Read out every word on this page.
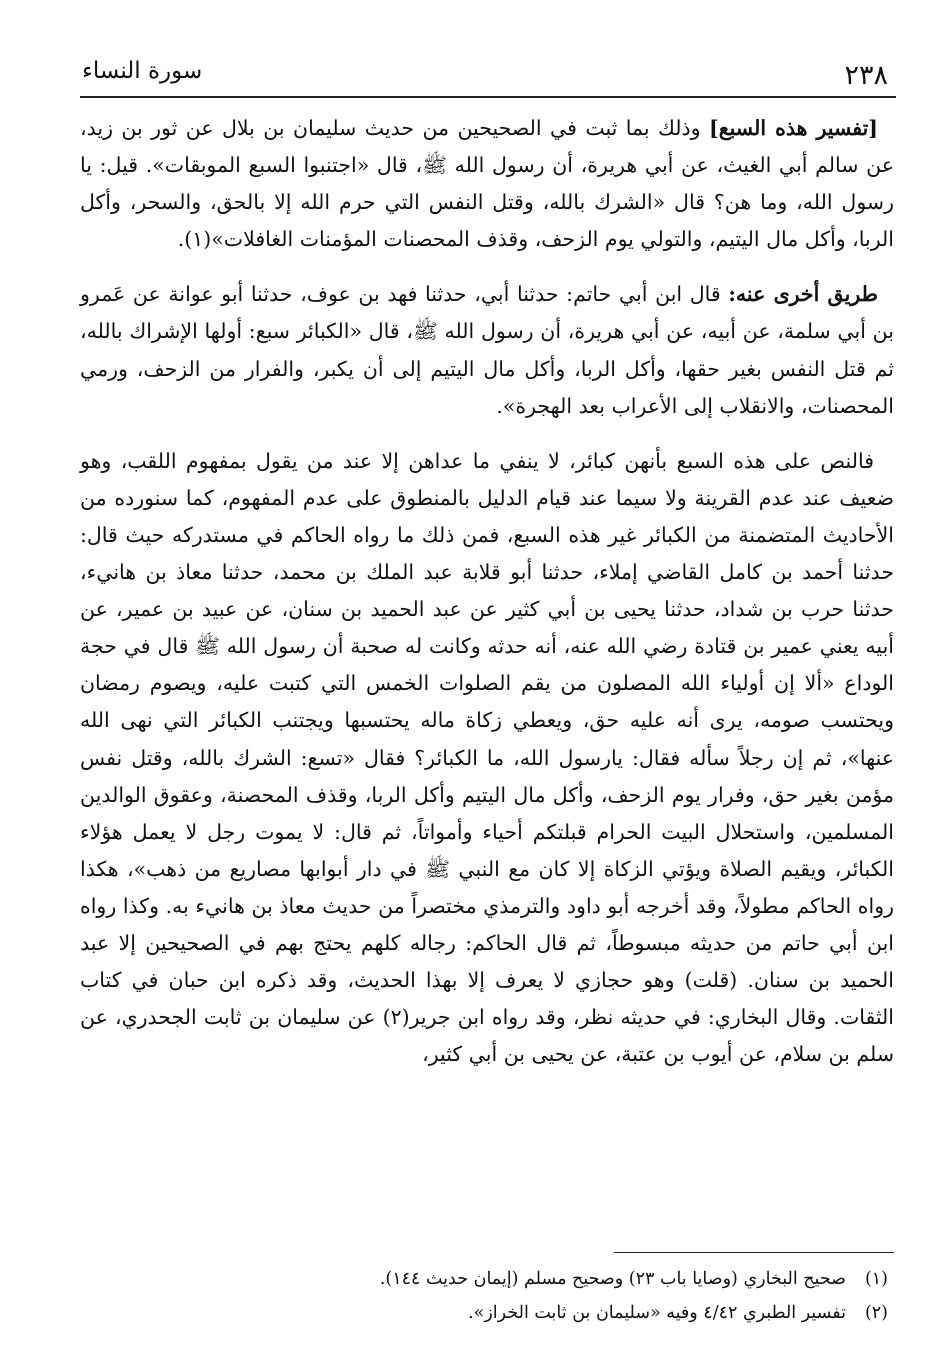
٢٣٨
سورة النساء

[تفسير هذه السبع] وذلك بما ثبت في الصحيحين من حديث سليمان بن بلال عن ثور بن زيد، عن سالم أبي الغيث، عن أبي هريرة، أن رسول الله ﷺ، قال «اجتنبوا السبع الموبقات». قيل: يا رسول الله، وما هن؟ قال «الشرك بالله، وقتل النفس التي حرم الله إلا بالحق، والسحر، وأكل الربا، وأكل مال اليتيم، والتولي يوم الزحف، وقذف المحصنات المؤمنات الغافلات»(١).

طريق أخرى عنه: قال ابن أبي حاتم: حدثنا أبي، حدثنا فهد بن عوف، حدثنا أبو عوانة عن عَمرو بن أبي سلمة، عن أبيه، عن أبي هريرة، أن رسول الله ﷺ، قال «الكبائر سبع: أولها الإشراك بالله، ثم قتل النفس بغير حقها، وأكل الربا، وأكل مال اليتيم إلى أن يكبر، والفرار من الزحف، ورمي المحصنات، والانقلاب إلى الأعراب بعد الهجرة».

فالنص على هذه السبع بأنهن كبائر، لا ينفي ما عداهن إلا عند من يقول بمفهوم اللقب، وهو ضعيف عند عدم القرينة ولا سيما عند قيام الدليل بالمنطوق على عدم المفهوم، كما سنورده من الأحاديث المتضمنة من الكبائر غير هذه السبع، فمن ذلك ما رواه الحاكم في مستدركه حيث قال: حدثنا أحمد بن كامل القاضي إملاء، حدثنا أبو قلابة عبد الملك بن محمد، حدثنا معاذ بن هانيء، حدثنا حرب بن شداد، حدثنا يحيى بن أبي كثير عن عبد الحميد بن سنان، عن عبيد بن عمير، عن أبيه يعني عمير بن قتادة رضي الله عنه، أنه حدثه وكانت له صحبة أن رسول الله ﷺ قال في حجة الوداع «ألا إن أولياء الله المصلون من يقم الصلوات الخمس التي كتبت عليه، ويصوم رمضان ويحتسب صومه، يرى أنه عليه حق، ويعطي زكاة ماله يحتسبها ويجتنب الكبائر التي نهى الله عنها»، ثم إن رجلاً سأله فقال: يارسول الله، ما الكبائر؟ فقال «تسع: الشرك بالله، وقتل نفس مؤمن بغير حق، وفرار يوم الزحف، وأكل مال اليتيم وأكل الربا، وقذف المحصنة، وعقوق الوالدين المسلمين، واستحلال البيت الحرام قبلتكم أحياء وأمواتاً، ثم قال: لا يموت رجل لا يعمل هؤلاء الكبائر، ويقيم الصلاة ويؤتي الزكاة إلا كان مع النبي ﷺ في دار أبوابها مصاريع من ذهب»، هكذا رواه الحاكم مطولاً، وقد أخرجه أبو داود والترمذي مختصراً من حديث معاذ بن هانيء به. وكذا رواه ابن أبي حاتم من حديثه مبسوطاً، ثم قال الحاكم: رجاله كلهم يحتج بهم في الصحيحين إلا عبد الحميد بن سنان. (قلت) وهو حجازي لا يعرف إلا بهذا الحديث، وقد ذكره ابن حبان في كتاب الثقات. وقال البخاري: في حديثه نظر، وقد رواه ابن جرير(٢) عن سليمان بن ثابت الجحدري، عن سلم بن سلام، عن أيوب بن عتبة، عن يحيى بن أبي كثير،

(١)
صحيح البخاري (وصايا باب ٢٣) وصحيح مسلم (إيمان حديث ١٤٤).
(٢)
تفسير الطبري ٤/٤٢ وفيه «سليمان بن ثابت الخراز».
